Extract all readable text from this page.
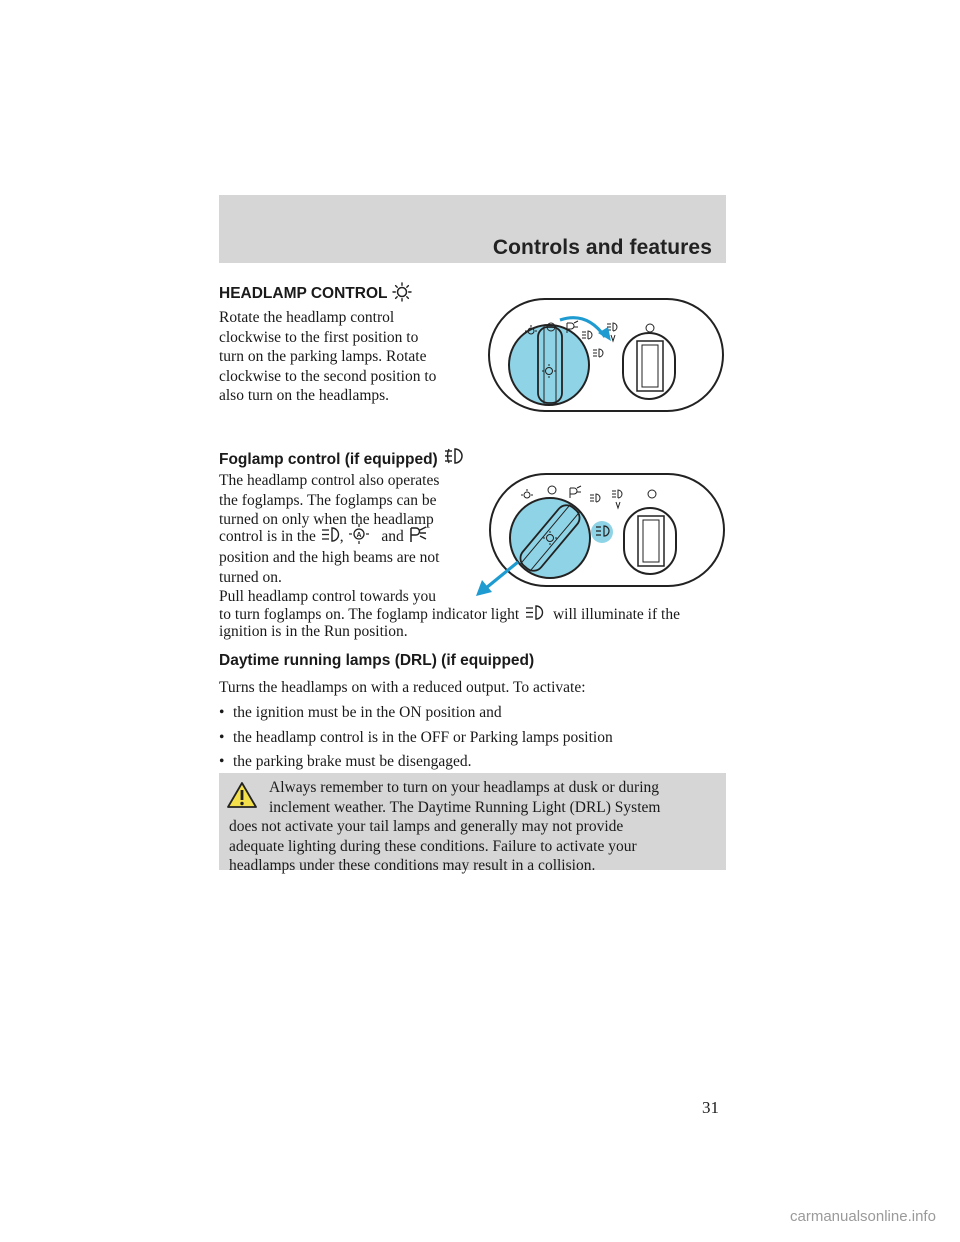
Controls and features
HEADLAMP CONTROL
Rotate the headlamp control
clockwise to the first position to
turn on the parking lamps. Rotate
clockwise to the second position to
also turn on the headlamps.
Foglamp control (if equipped)
The headlamp control also operates
the foglamps. The foglamps can be
turned on only when the headlamp
control is in the , A and
position and the high beams are not
turned on.
Pull headlamp control towards you
to turn foglamps on. The foglamp indicator light will illuminate if the
ignition is in the Run position.
Daytime running lamps (DRL) (if equipped)
Turns the headlamps on with a reduced output. To activate:
• the ignition must be in the ON position and
• the headlamp control is in the OFF or Parking lamps position
• the parking brake must be disengaged.
Always remember to turn on your headlamps at dusk or during
inclement weather. The Daytime Running Light (DRL) System
does not activate your tail lamps and generally may not provide
adequate lighting during these conditions. Failure to activate your
headlamps under these conditions may result in a collision.
31
carmanualsonline.info
